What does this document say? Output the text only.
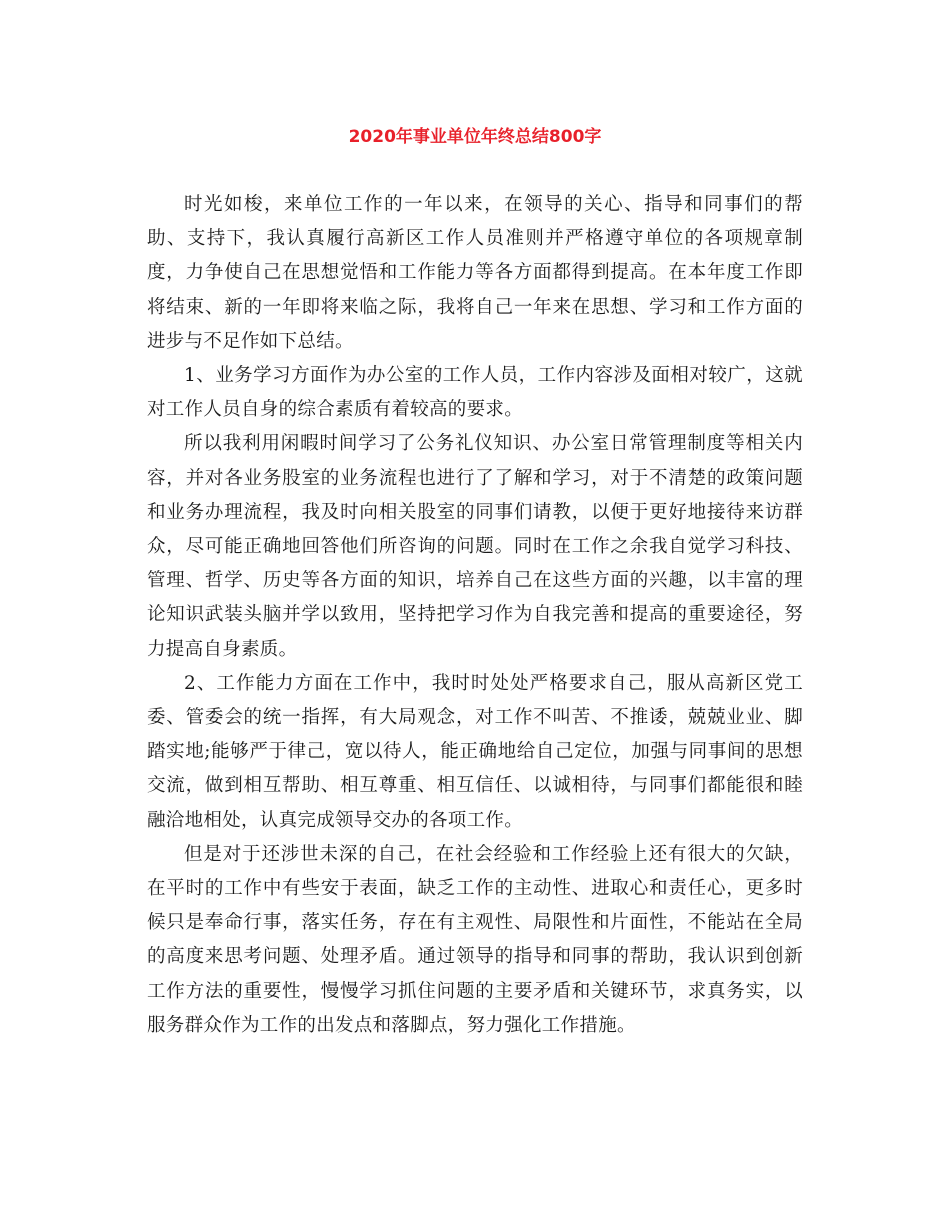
2020年事业单位年终总结800字

时光如梭，来单位工作的一年以来，在领导的关心、指导和同事们的帮助、支持下，我认真履行高新区工作人员准则并严格遵守单位的各项规章制度，力争使自己在思想觉悟和工作能力等各方面都得到提高。在本年度工作即将结束、新的一年即将来临之际，我将自己一年来在思想、学习和工作方面的进步与不足作如下总结。

1、业务学习方面作为办公室的工作人员，工作内容涉及面相对较广，这就对工作人员自身的综合素质有着较高的要求。

所以我利用闲暇时间学习了公务礼仪知识、办公室日常管理制度等相关内容，并对各业务股室的业务流程也进行了了解和学习，对于不清楚的政策问题和业务办理流程，我及时向相关股室的同事们请教，以便于更好地接待来访群众，尽可能正确地回答他们所咨询的问题。同时在工作之余我自觉学习科技、管理、哲学、历史等各方面的知识，培养自己在这些方面的兴趣，以丰富的理论知识武装头脑并学以致用，坚持把学习作为自我完善和提高的重要途径，努力提高自身素质。

2、工作能力方面在工作中，我时时处处严格要求自己，服从高新区党工委、管委会的统一指挥，有大局观念，对工作不叫苦、不推诿，兢兢业业、脚踏实地;能够严于律己，宽以待人，能正确地给自己定位，加强与同事间的思想交流，做到相互帮助、相互尊重、相互信任、以诚相待，与同事们都能很和睦融洽地相处，认真完成领导交办的各项工作。

但是对于还涉世未深的自己，在社会经验和工作经验上还有很大的欠缺，在平时的工作中有些安于表面，缺乏工作的主动性、进取心和责任心，更多时候只是奉命行事，落实任务，存在有主观性、局限性和片面性，不能站在全局的高度来思考问题、处理矛盾。通过领导的指导和同事的帮助，我认识到创新工作方法的重要性，慢慢学习抓住问题的主要矛盾和关键环节，求真务实，以服务群众作为工作的出发点和落脚点，努力强化工作措施。
